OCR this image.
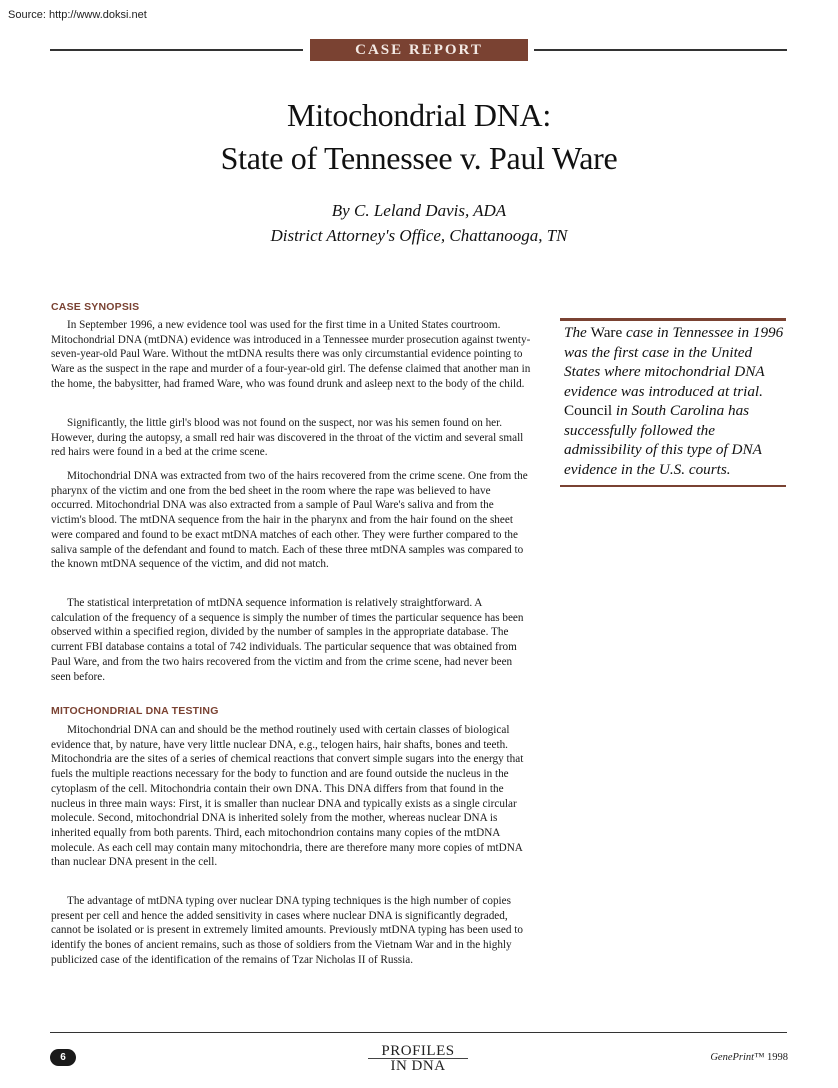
Source: http://www.doksi.net
CASE REPORT
Mitochondrial DNA:
State of Tennessee v. Paul Ware
By C. Leland Davis, ADA
District Attorney's Office, Chattanooga, TN
CASE SYNOPSIS

In September 1996, a new evidence tool was used for the first time in a United States courtroom. Mitochondrial DNA (mtDNA) evidence was introduced in a Tennessee murder prosecution against twenty-seven-year-old Paul Ware. Without the mtDNA results there was only circumstantial evidence pointing to Ware as the suspect in the rape and murder of a four-year-old girl. The defense claimed that another man in the home, the babysitter, had framed Ware, who was found drunk and asleep next to the body of the child.

Significantly, the little girl's blood was not found on the suspect, nor was his semen found on her. However, during the autopsy, a small red hair was discovered in the throat of the victim and several small red hairs were found in a bed at the crime scene.

Mitochondrial DNA was extracted from two of the hairs recovered from the crime scene. One from the pharynx of the victim and one from the bed sheet in the room where the rape was believed to have occurred. Mitochondrial DNA was also extracted from a sample of Paul Ware's saliva and from the victim's blood. The mtDNA sequence from the hair in the pharynx and from the hair found on the sheet were compared and found to be exact mtDNA matches of each other. They were further compared to the saliva sample of the defendant and found to match. Each of these three mtDNA samples was compared to the known mtDNA sequence of the victim, and did not match.

The statistical interpretation of mtDNA sequence information is relatively straightforward. A calculation of the frequency of a sequence is simply the number of times the particular sequence has been observed within a specified region, divided by the number of samples in the appropriate database. The current FBI database contains a total of 742 individuals. The particular sequence that was obtained from Paul Ware, and from the two hairs recovered from the victim and from the crime scene, had never been seen before.

MITOCHONDRIAL DNA TESTING

Mitochondrial DNA can and should be the method routinely used with certain classes of biological evidence that, by nature, have very little nuclear DNA, e.g., telogen hairs, hair shafts, bones and teeth. Mitochondria are the sites of a series of chemical reactions that convert simple sugars into the energy that fuels the multiple reactions necessary for the body to function and are found outside the nucleus in the cytoplasm of the cell. Mitochondria contain their own DNA. This DNA differs from that found in the nucleus in three main ways: First, it is smaller than nuclear DNA and typically exists as a single circular molecule. Second, mitochondrial DNA is inherited solely from the mother, whereas nuclear DNA is inherited equally from both parents. Third, each mitochondrion contains many copies of the mtDNA molecule. As each cell may contain many mitochondria, there are therefore many more copies of mtDNA than nuclear DNA present in the cell.

The advantage of mtDNA typing over nuclear DNA typing techniques is the high number of copies present per cell and hence the added sensitivity in cases where nuclear DNA is significantly degraded, cannot be isolated or is present in extremely limited amounts. Previously mtDNA typing has been used to identify the bones of ancient remains, such as those of soldiers from the Vietnam War and in the highly publicized case of the identification of the remains of Tzar Nicholas II of Russia.

The Ware case in Tennessee in 1996 was the first case in the United States where mitochondrial DNA evidence was introduced at trial. Council in South Carolina has successfully followed the admissibility of this type of DNA evidence in the U.S. courts.

6	PROFILES
IN DNA
GenePrint™ 1998
